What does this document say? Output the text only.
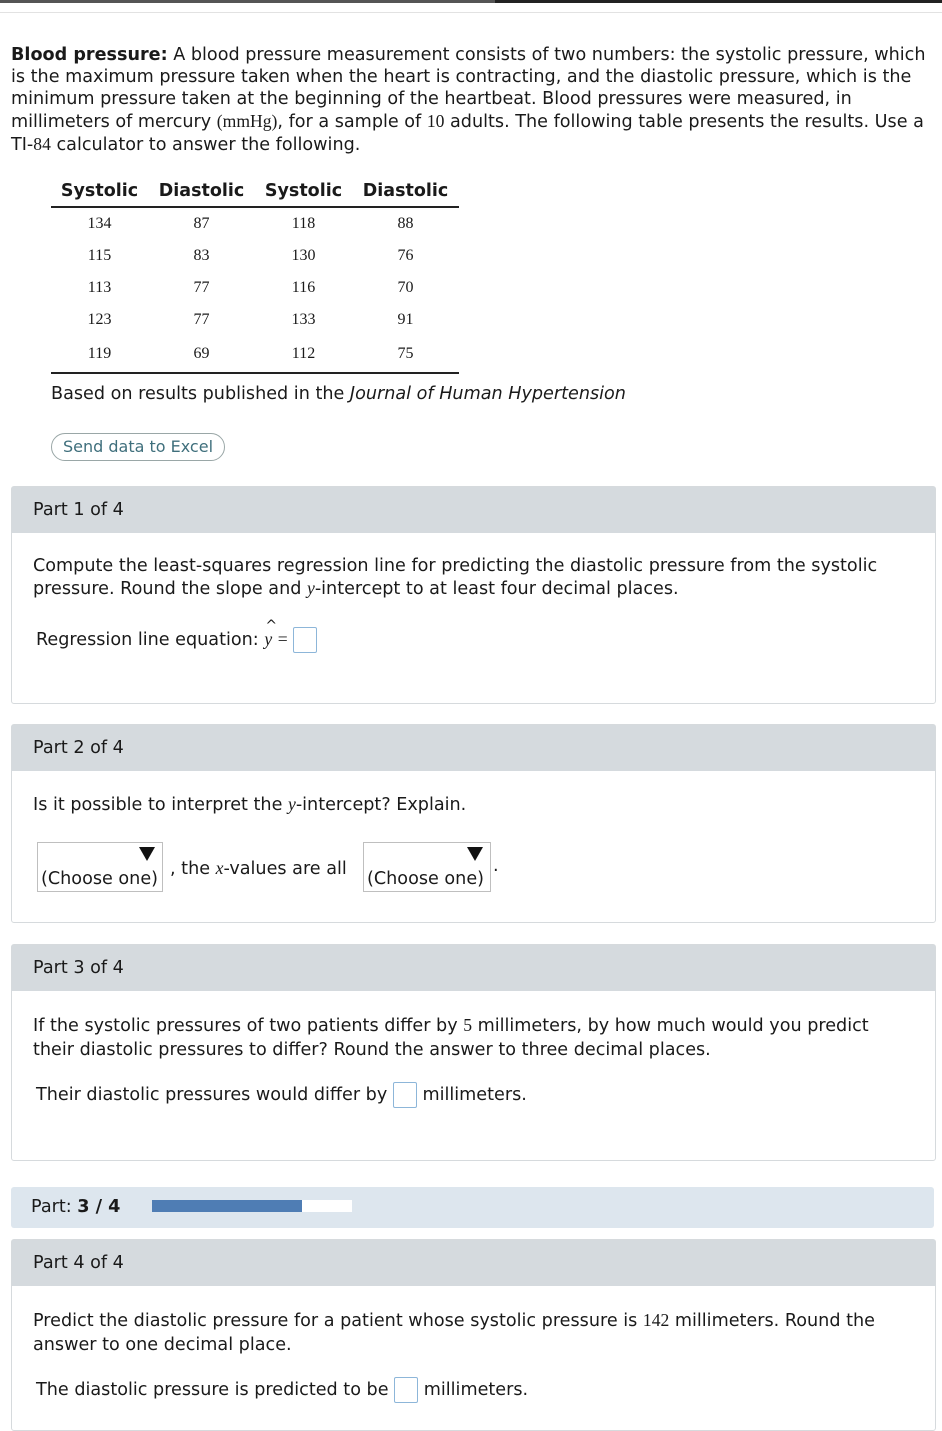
Blood pressure: A blood pressure measurement consists of two numbers: the systolic pressure, which is the maximum pressure taken when the heart is contracting, and the diastolic pressure, which is the minimum pressure taken at the beginning of the heartbeat. Blood pressures were measured, in millimeters of mercury (mmHg), for a sample of 10 adults. The following table presents the results. Use a TI-84 calculator to answer the following.
Systolic	Diastolic	Systolic	Diastolic
134	87	118	88
115	83	130	76
113	77	116	70
123	77	133	91
119	69	112	75
Based on results published in the Journal of Human Hypertension
Send data to Excel
Part 1 of 4
Compute the least-squares regression line for predicting the diastolic pressure from the systolic pressure. Round the slope and y-intercept to at least four decimal places.
Regression line equation:
^
y =
Part 2 of 4
Is it possible to interpret the y-intercept? Explain.
(Choose one) , the x-values are all	(Choose one)
.
Part 3 of 4
If the systolic pressures of two patients differ by 5 millimeters, by how much would you predict their diastolic pressures to differ? Round the answer to three decimal places.
Their diastolic pressures would differ by  millimeters.
Part: 3 / 4
Part 4 of 4
Predict the diastolic pressure for a patient whose systolic pressure is 142 millimeters. Round the answer to one decimal place.
The diastolic pressure is predicted to be  millimeters.
